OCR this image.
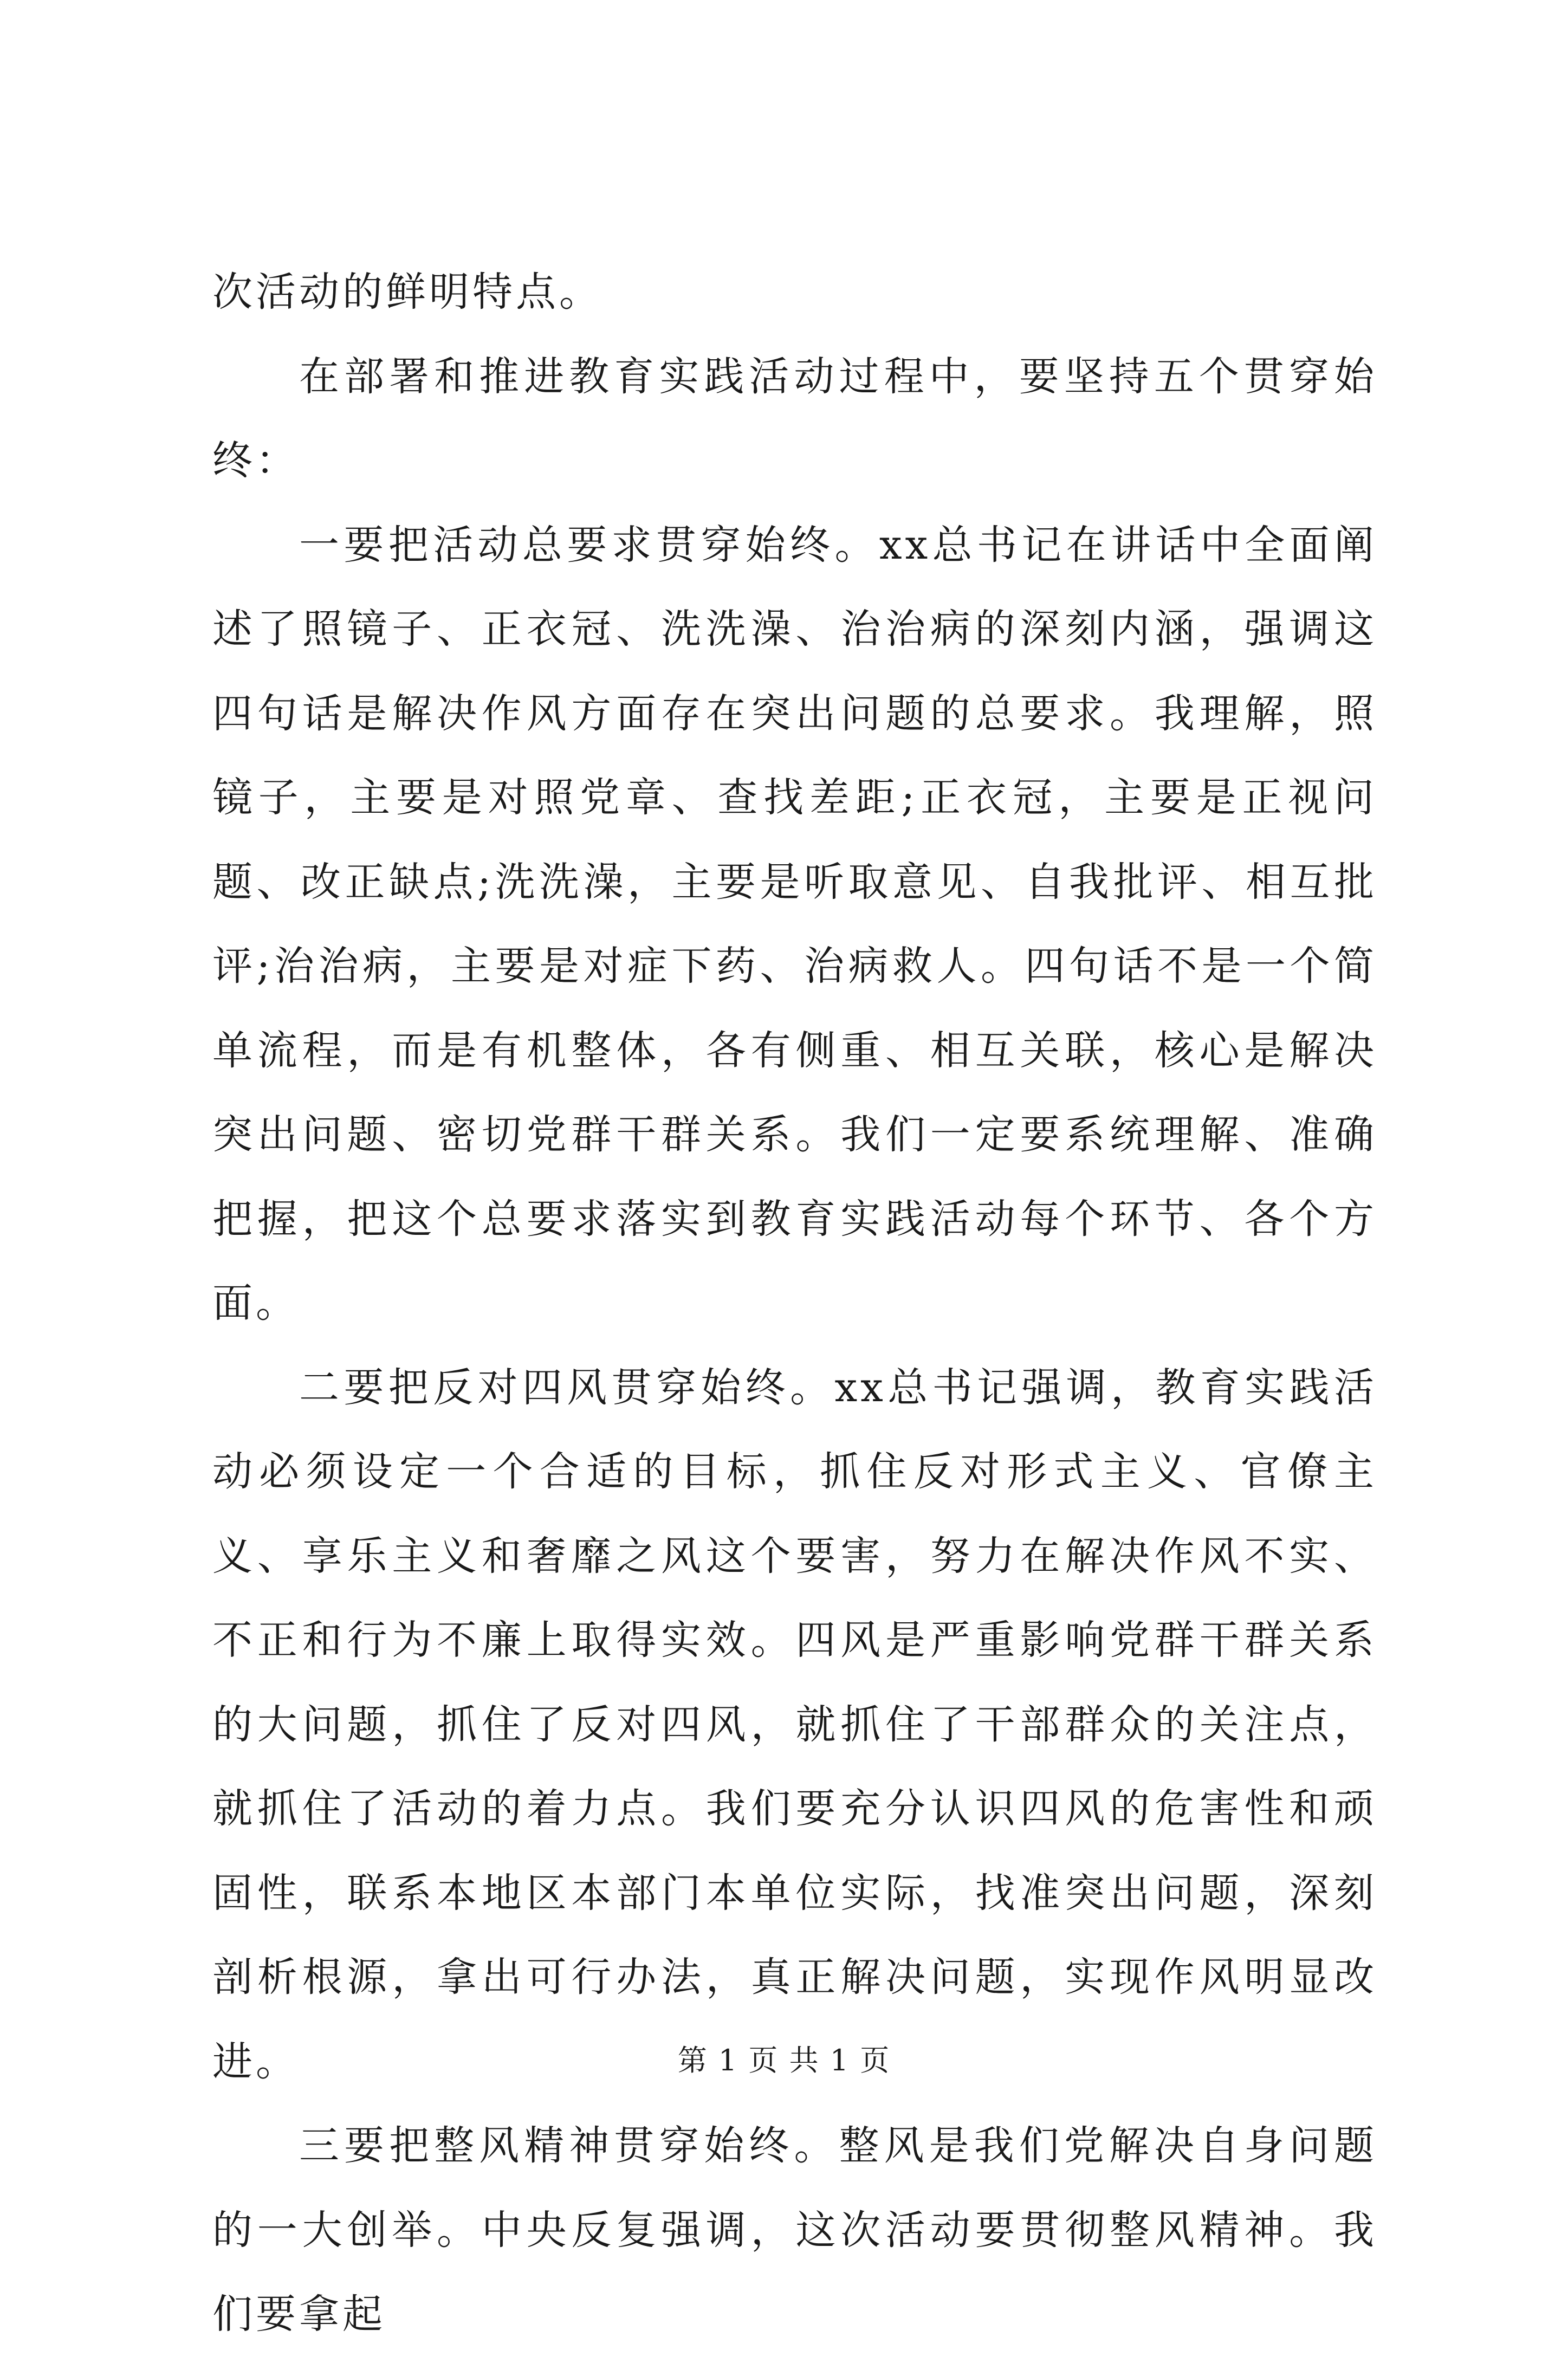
次活动的鲜明特点。

在部署和推进教育实践活动过程中，要坚持五个贯穿始终：

一要把活动总要求贯穿始终。xx总书记在讲话中全面阐述了照镜子、正衣冠、洗洗澡、治治病的深刻内涵，强调这四句话是解决作风方面存在突出问题的总要求。我理解，照镜子，主要是对照党章、查找差距;正衣冠，主要是正视问题、改正缺点;洗洗澡，主要是听取意见、自我批评、相互批评;治治病，主要是对症下药、治病救人。四句话不是一个简单流程，而是有机整体，各有侧重、相互关联，核心是解决突出问题、密切党群干群关系。我们一定要系统理解、准确把握，把这个总要求落实到教育实践活动每个环节、各个方面。

二要把反对四风贯穿始终。xx总书记强调，教育实践活动必须设定一个合适的目标，抓住反对形式主义、官僚主义、享乐主义和奢靡之风这个要害，努力在解决作风不实、不正和行为不廉上取得实效。四风是严重影响党群干群关系的大问题，抓住了反对四风，就抓住了干部群众的关注点，就抓住了活动的着力点。我们要充分认识四风的危害性和顽固性，联系本地区本部门本单位实际，找准突出问题，深刻剖析根源，拿出可行办法，真正解决问题，实现作风明显改进。

三要把整风精神贯穿始终。整风是我们党解决自身问题的一大创举。中央反复强调，这次活动要贯彻整风精神。我们要拿起

第 1 页 共 1 页
